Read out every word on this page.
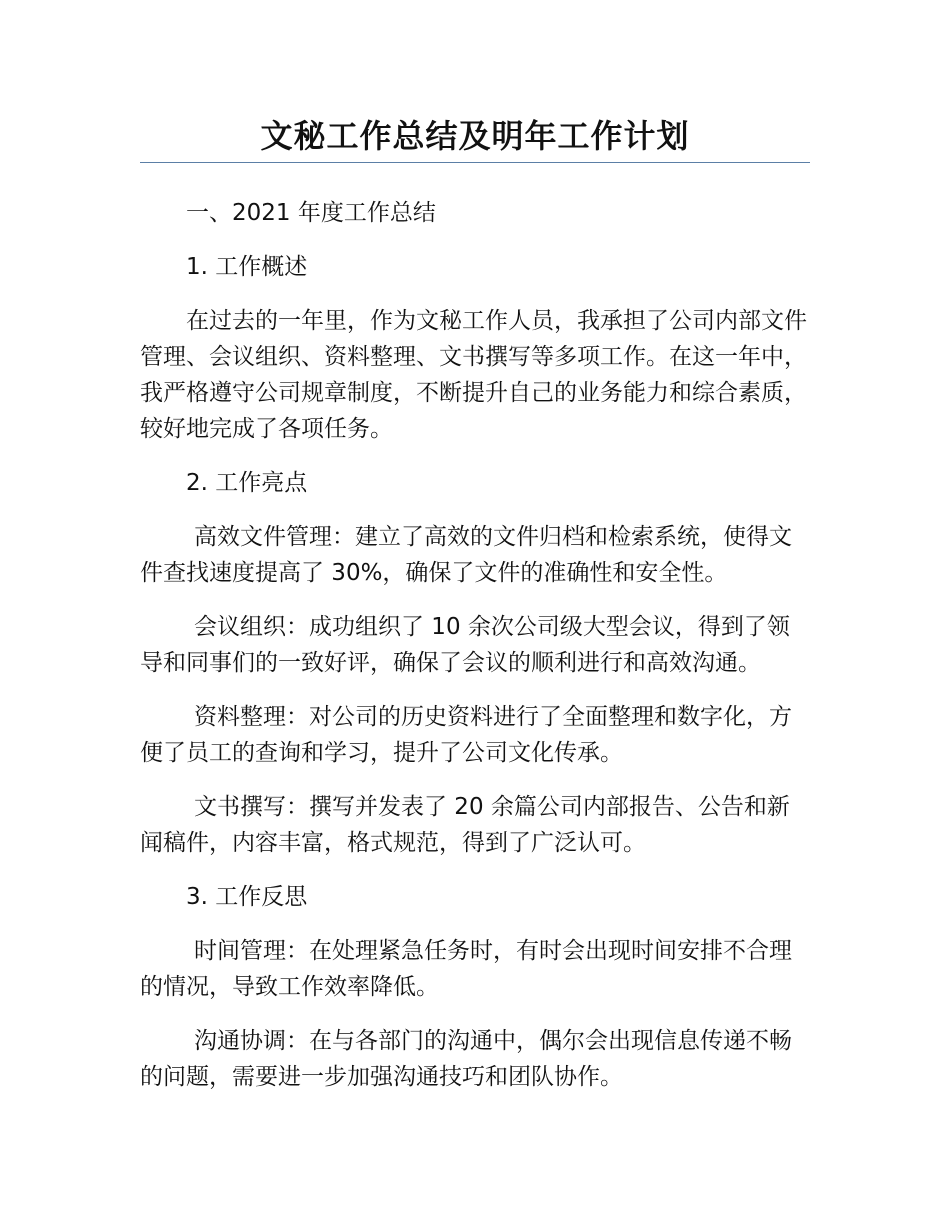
文秘工作总结及明年工作计划

一、2021 年度工作总结

1. 工作概述

在过去的一年里，作为文秘工作人员，我承担了公司内部文件管理、会议组织、资料整理、文书撰写等多项工作。在这一年中，我严格遵守公司规章制度，不断提升自己的业务能力和综合素质，较好地完成了各项任务。

2. 工作亮点

高效文件管理：建立了高效的文件归档和检索系统，使得文件查找速度提高了 30%，确保了文件的准确性和安全性。

会议组织：成功组织了 10 余次公司级大型会议，得到了领导和同事们的一致好评，确保了会议的顺利进行和高效沟通。

资料整理：对公司的历史资料进行了全面整理和数字化，方便了员工的查询和学习，提升了公司文化传承。

文书撰写：撰写并发表了 20 余篇公司内部报告、公告和新闻稿件，内容丰富，格式规范，得到了广泛认可。

3. 工作反思

时间管理：在处理紧急任务时，有时会出现时间安排不合理的情况，导致工作效率降低。

沟通协调：在与各部门的沟通中，偶尔会出现信息传递不畅的问题，需要进一步加强沟通技巧和团队协作。
